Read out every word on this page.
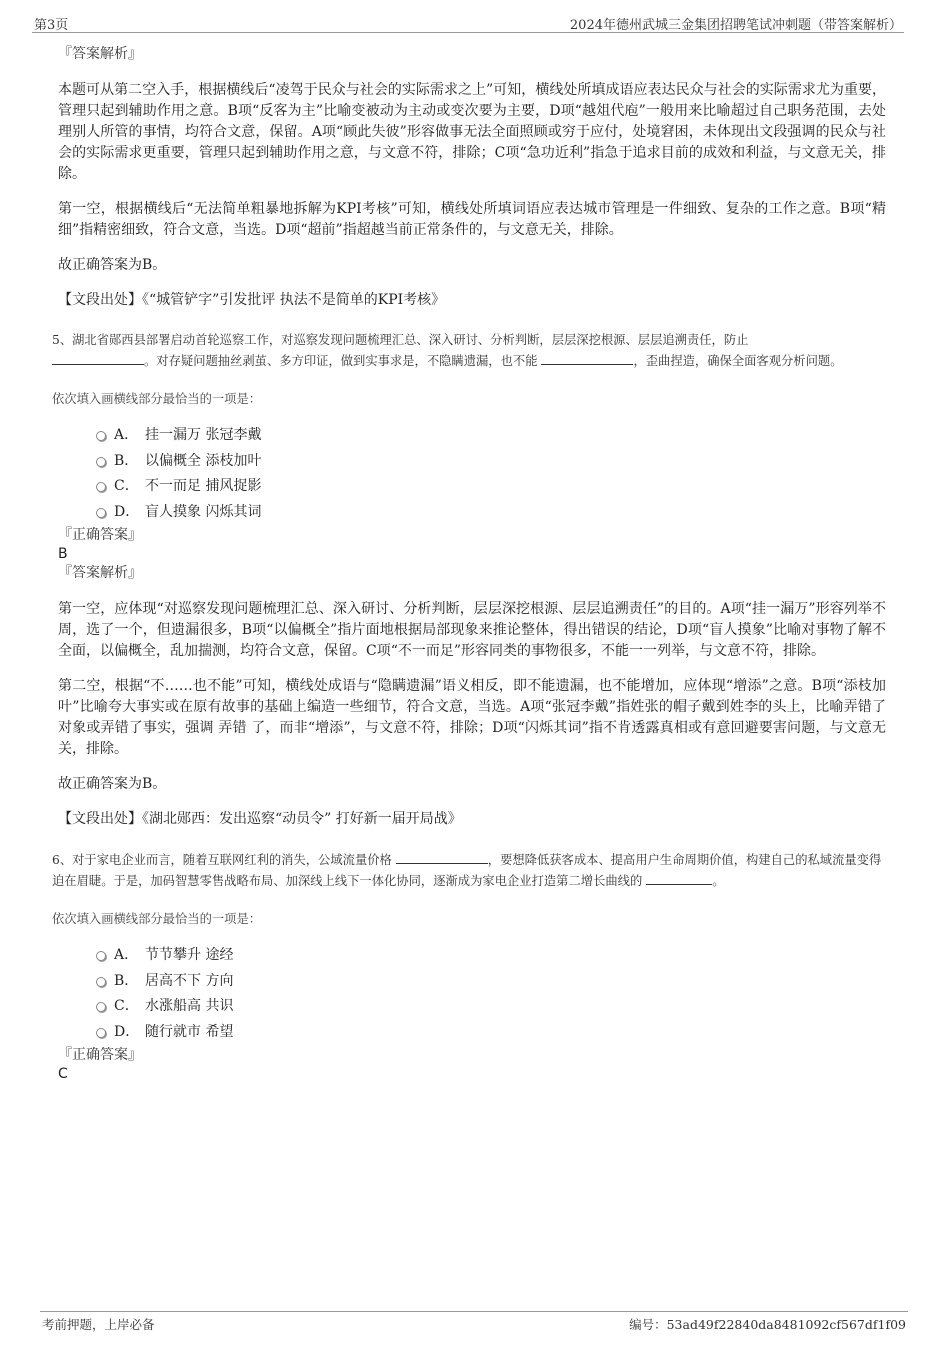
第3页	2024年德州武城三金集团招聘笔试冲刺题（带答案解析）

『答案解析』

本题可从第二空入手，根据横线后“凌驾于民众与社会的实际需求之上”可知，横线处所填成语应表达民众与社会的实际需求尤为重要，管理只起到辅助作用之意。B项“反客为主”比喻变被动为主动或变次要为主要，D项“越俎代庖”一般用来比喻超过自己职务范围，去处理别人所管的事情，均符合文意，保留。A项“顾此失彼”形容做事无法全面照顾或穷于应付，处境窘困，未体现出文段强调的民众与社会的实际需求更重要，管理只起到辅助作用之意，与文意不符，排除；C项“急功近利”指急于追求目前的成效和利益，与文意无关，排除。

第一空，根据横线后“无法简单粗暴地拆解为KPI考核”可知，横线处所填词语应表达城市管理是一件细致、复杂的工作之意。B项“精细”指精密细致，符合文意，当选。D项“超前”指超越当前正常条件的，与文意无关，排除。

故正确答案为B。

【文段出处】《“城管铲字”引发批评 执法不是简单的KPI考核》

5、湖北省郧西县部署启动首轮巡察工作，对巡察发现问题梳理汇总、深入研讨、分析判断，层层深挖根源、层层追溯责任，防止
。对存疑问题抽丝剥茧、多方印证，做到实事求是，不隐瞒遗漏，也不能	，歪曲捏造，确保全面客观分析问题。

依次填入画横线部分最恰当的一项是：

A． 挂一漏万 张冠李戴
B． 以偏概全 添枝加叶
C． 不一而足 捕风捉影
D． 盲人摸象 闪烁其词

『正确答案』

B

『答案解析』

第一空，应体现“对巡察发现问题梳理汇总、深入研讨、分析判断，层层深挖根源、层层追溯责任”的目的。A项“挂一漏万”形容列举不周，选了一个，但遗漏很多，B项“以偏概全”指片面地根据局部现象来推论整体，得出错误的结论，D项“盲人摸象”比喻对事物了解不全面，以偏概全，乱加揣测，均符合文意，保留。C项“不一而足”形容同类的事物很多，不能一一列举，与文意不符，排除。

第二空，根据“不……也不能”可知，横线处成语与“隐瞒遗漏”语义相反，即不能遗漏，也不能增加，应体现“增添”之意。B项“添枝加叶”比喻夸大事实或在原有故事的基础上编造一些细节，符合文意，当选。A项“张冠李戴”指姓张的帽子戴到姓李的头上，比喻弄错了对象或弄错了事实，强调 弄错 了，而非“增添”，与文意不符，排除；D项“闪烁其词”指不肯透露真相或有意回避要害问题，与文意无关，排除。

故正确答案为B。

【文段出处】《湖北郧西：发出巡察“动员令” 打好新一届开局战》

6、对于家电企业而言，随着互联网红利的消失，公域流量价格	，要想降低获客成本、提高用户生命周期价值，构建自己的私域流量变得迫在眉睫。于是，加码智慧零售战略布局、加深线上线下一体化协同，逐渐成为家电企业打造第二增长曲线的	。

依次填入画横线部分最恰当的一项是：

A． 节节攀升 途经
B． 居高不下 方向
C． 水涨船高 共识
D． 随行就市 希望

『正确答案』

C

考前押题，上岸必备	编号：53ad49f22840da8481092cf567df1f09
